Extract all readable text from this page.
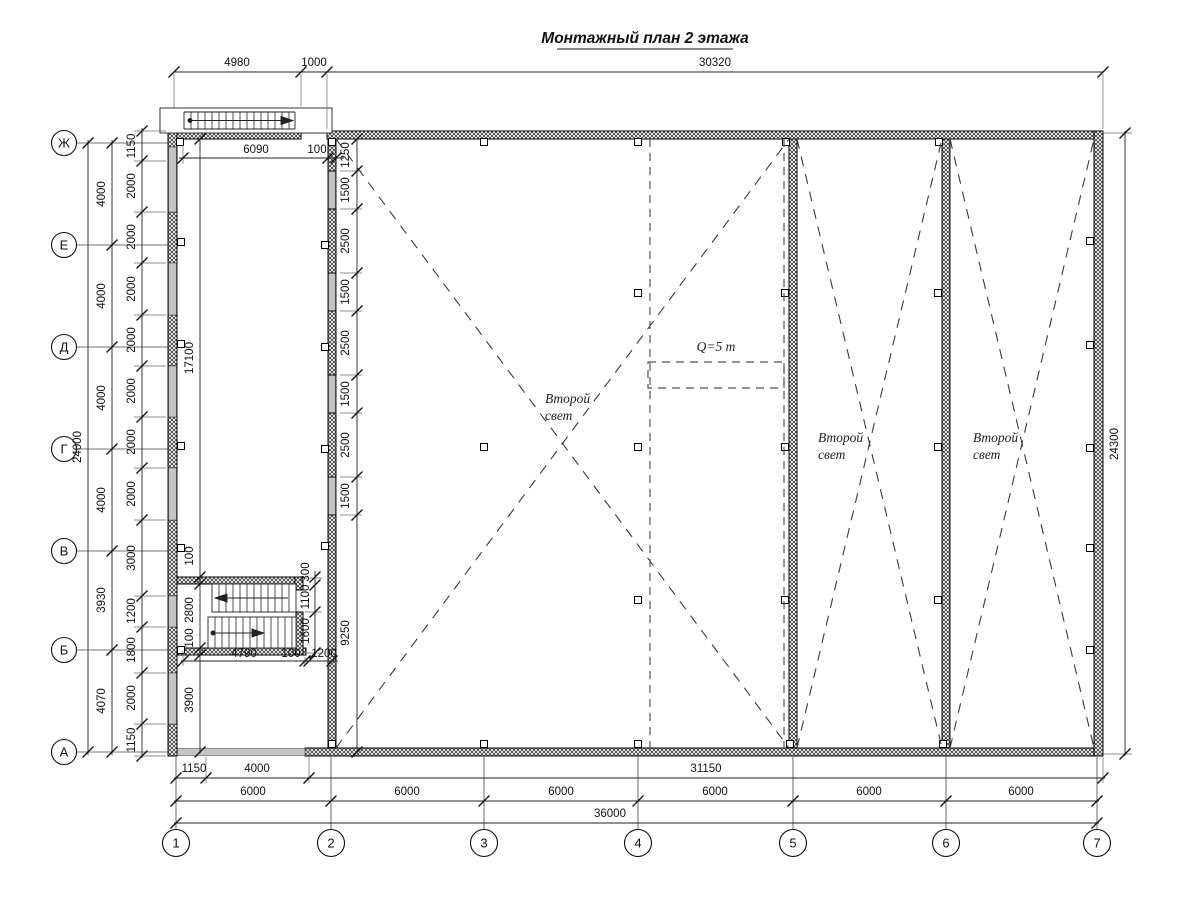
Монтажный план 2 этажа
Q=5 т
Второй
свет
Второй
свет
Второй
свет
Ж
Е
Д
Г
В
Б
А
1	2	3	4	5	6	7
4980	1000	30320
6090	100 1250
1500
2500
1500
2500
1500
2500
1500
9250
24000
4000
4000
4000
4000
3930
4070
1150
2000
2000
2000
2000
2000
2000
2000
3000
1200
1800
2000
1150
17100
100
2800
100
3900
300
1100
1600
4790 100 1200
1150	4000	31150
6000	6000	6000	6000	6000	6000
36000
24300
